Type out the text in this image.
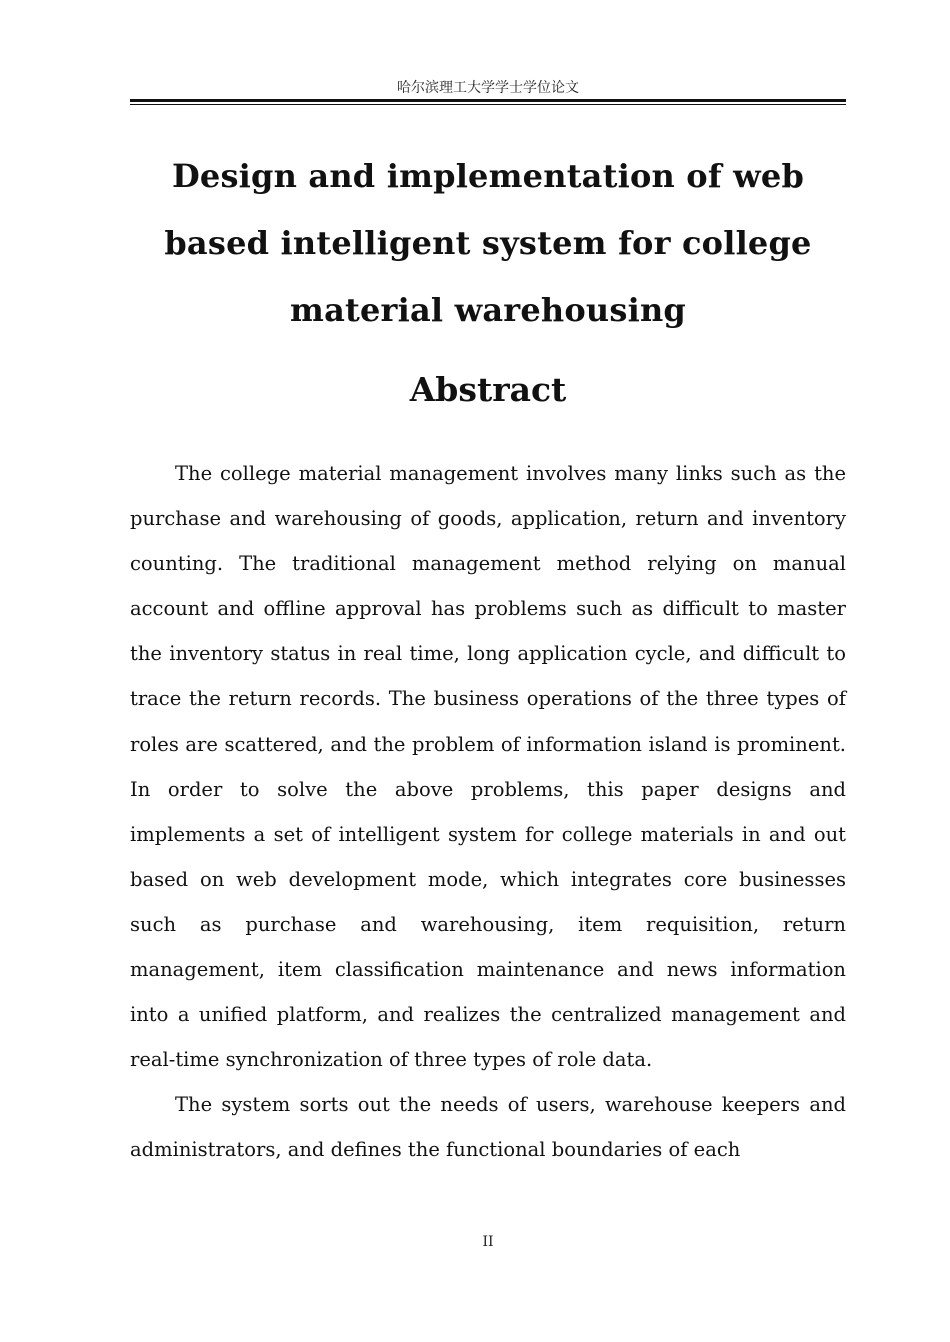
哈尔滨理工大学学士学位论文
Design and implementation of web based intelligent system for college material warehousing
Abstract

The college material management involves many links such as the purchase and warehousing of goods, application, return and inventory counting. The traditional management method relying on manual account and offline approval has problems such as difficult to master the inventory status in real time, long application cycle, and difficult to trace the return records. The business operations of the three types of roles are scattered, and the problem of information island is prominent. In order to solve the above problems, this paper designs and implements a set of intelligent system for college materials in and out based on web development mode, which integrates core businesses such as purchase and warehousing, item requisition, return management, item classification maintenance and news information into a unified platform, and realizes the centralized management and real-time synchronization of three types of role data.

The system sorts out the needs of users, warehouse keepers and administrators, and defines the functional boundaries of each

II
